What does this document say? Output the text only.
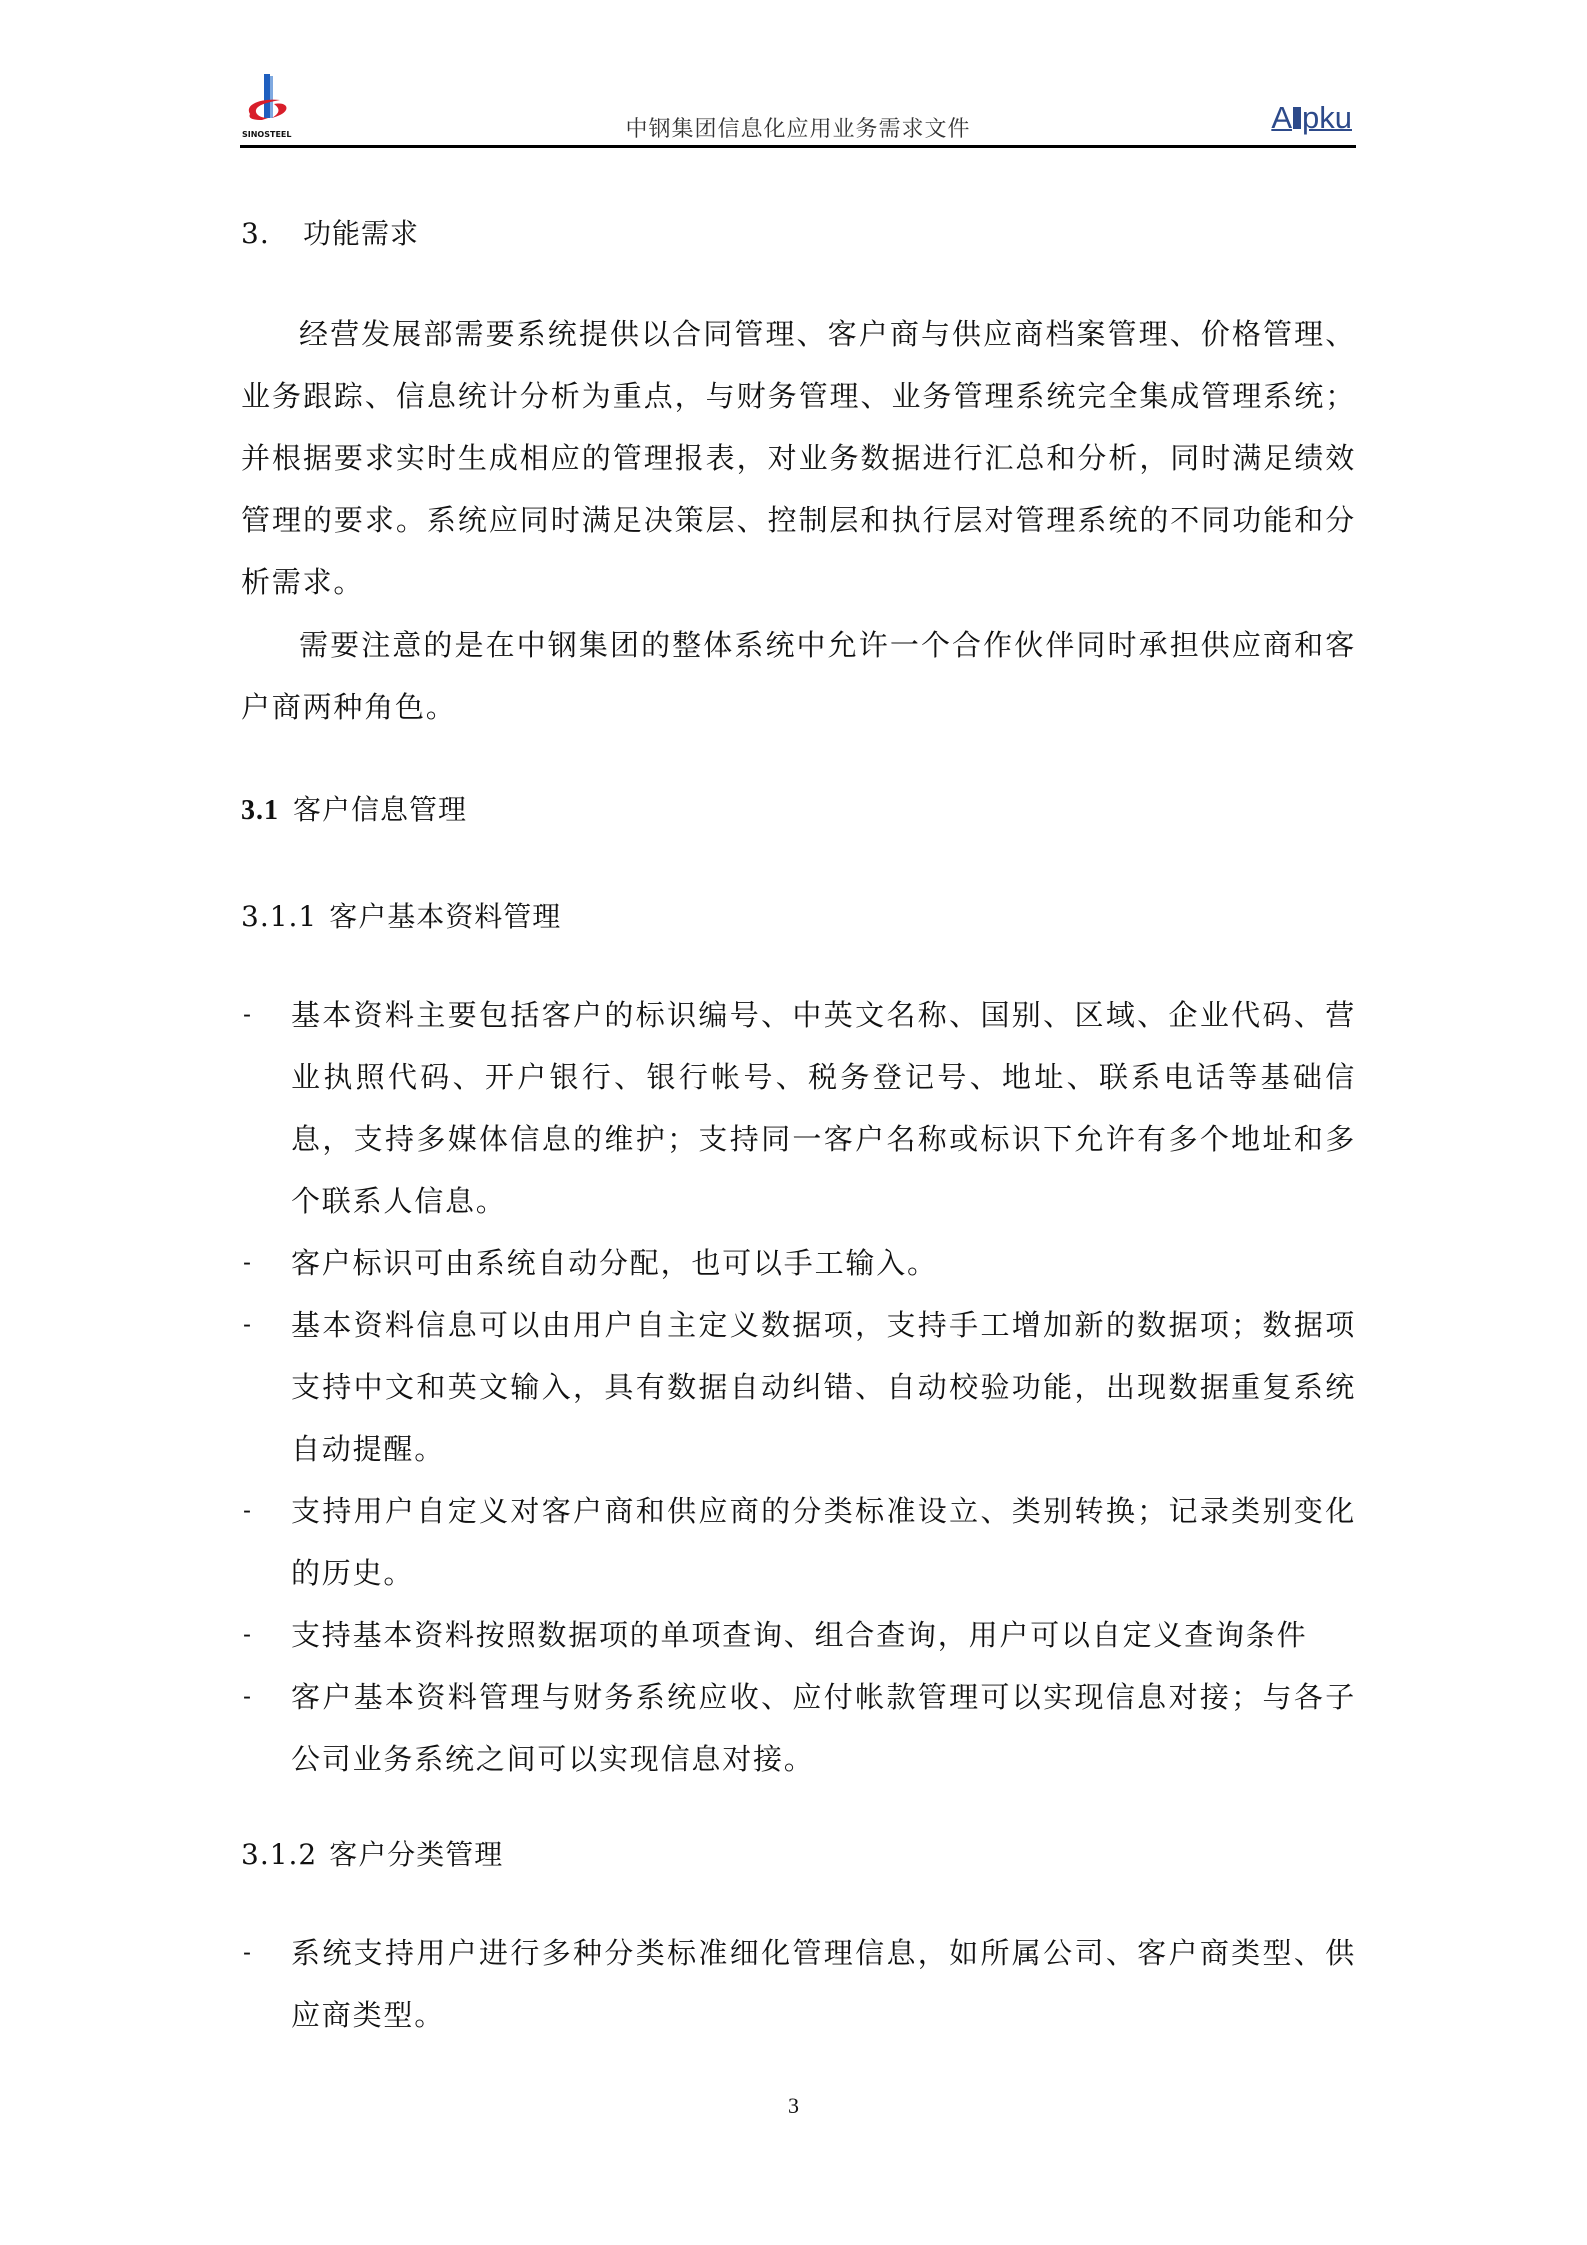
SINOSTEEL	中钢集团信息化应用业务需求文件	A pku
3. 功能需求
经营发展部需要系统提供以合同管理、客户商与供应商档案管理、价格管理、业务跟踪、信息统计分析为重点，与财务管理、业务管理系统完全集成管理系统；并根据要求实时生成相应的管理报表，对业务数据进行汇总和分析，同时满足绩效管理的要求。系统应同时满足决策层、控制层和执行层对管理系统的不同功能和分析需求。
需要注意的是在中钢集团的整体系统中允许一个合作伙伴同时承担供应商和客户商两种角色。
3.1 客户信息管理
3.1.1 客户基本资料管理
- 基本资料主要包括客户的标识编号、中英文名称、国别、区域、企业代码、营业执照代码、开户银行、银行帐号、税务登记号、地址、联系电话等基础信息，支持多媒体信息的维护；支持同一客户名称或标识下允许有多个地址和多个联系人信息。
- 客户标识可由系统自动分配，也可以手工输入。
- 基本资料信息可以由用户自主定义数据项，支持手工增加新的数据项；数据项支持中文和英文输入，具有数据自动纠错、自动校验功能，出现数据重复系统自动提醒。
- 支持用户自定义对客户商和供应商的分类标准设立、类别转换；记录类别变化的历史。
- 支持基本资料按照数据项的单项查询、组合查询，用户可以自定义查询条件
- 客户基本资料管理与财务系统应收、应付帐款管理可以实现信息对接；与各子公司业务系统之间可以实现信息对接。
3.1.2 客户分类管理
- 系统支持用户进行多种分类标准细化管理信息，如所属公司、客户商类型、供应商类型。
3
